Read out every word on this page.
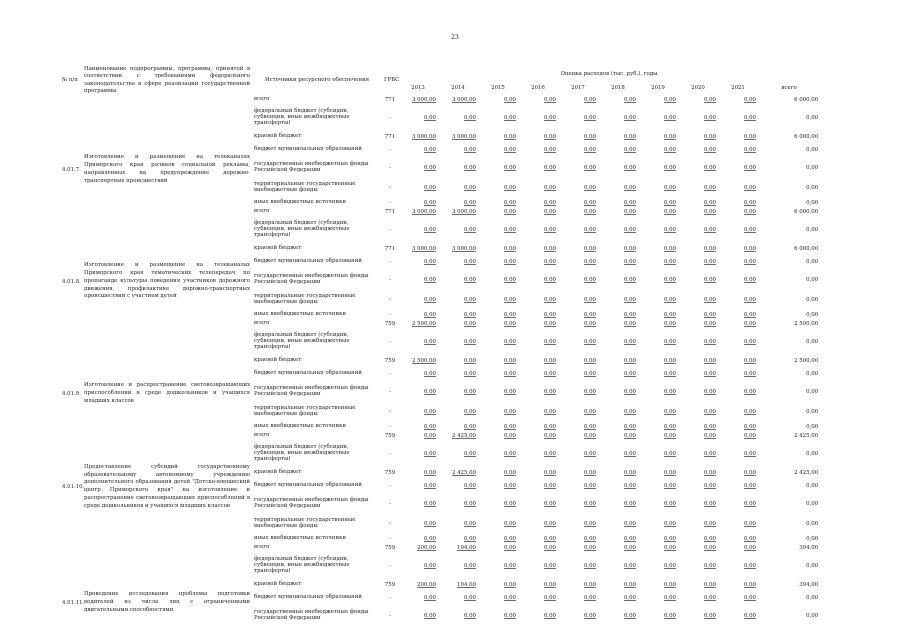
23
№ п/п	Наименование подпрограммы, программы, принятой в соответствии с требованиями федерального законодательства в сфере реализации государственной программы	Источники ресурсного обеспечения	ГРБС	Оценка расходов (тыс. руб.), годы									
				2013	2014	2015	2016	2017	2018	2019	2020	2021	всего
		всего	771	3 000,00	3 000,00	0,00	0,00	0,00	0,00	0,00	0,00	0,00	6 000,00
		федеральный бюджет (субсидии, субвенции, иные межбюджетные трансферты)	-	0,00	0,00	0,00	0,00	0,00	0,00	0,00	0,00	0,00	0,00
4.01.7.	Изготовление и размещение на телеканалах Приморского края роликов социальной рекламы, направленных на предупреждение дорожно-транспортных происшествий	краевой бюджет	771	3 000,00	3 000,00	0,00	0,00	0,00	0,00	0,00	0,00	0,00	6 000,00
		бюджет муниципальных образований	-	0,00	0,00	0,00	0,00	0,00	0,00	0,00	0,00	0,00	0,00
		государственные внебюджетные фонды Российской Федерации	-	0,00	0,00	0,00	0,00	0,00	0,00	0,00	0,00	0,00	0,00
		территориальные государственные внебюджетные фонды	-	0,00	0,00	0,00	0,00	0,00	0,00	0,00	0,00	0,00	0,00
		иные внебюджетные источники	-	0,00	0,00	0,00	0,00	0,00	0,00	0,00	0,00	0,00	0,00
		всего	771	3 000,00	3 000,00	0,00	0,00	0,00	0,00	0,00	0,00	0,00	6 000,00
		федеральный бюджет (субсидии, субвенции, иные межбюджетные трансферты)	-	0,00	0,00	0,00	0,00	0,00	0,00	0,00	0,00	0,00	0,00
4.01.8.	Изготовление и размещение на телеканалах Приморского края тематических телепередач по пропаганде культуры поведения участников дорожного движения, профилактике дорожно-транспортных происшествий с участием детей	краевой бюджет	771	3 000,00	3 000,00	0,00	0,00	0,00	0,00	0,00	0,00	0,00	6 000,00
		бюджет муниципальных образований	-	0,00	0,00	0,00	0,00	0,00	0,00	0,00	0,00	0,00	0,00
		государственные внебюджетные фонды Российской Федерации	-	0,00	0,00	0,00	0,00	0,00	0,00	0,00	0,00	0,00	0,00
		территориальные государственные внебюджетные фонды	-	0,00	0,00	0,00	0,00	0,00	0,00	0,00	0,00	0,00	0,00
		иные внебюджетные источники	-	0,00	0,00	0,00	0,00	0,00	0,00	0,00	0,00	0,00	0,00
		всего	759	2 500,00	0,00	0,00	0,00	0,00	0,00	0,00	0,00	0,00	2 500,00
		федеральный бюджет (субсидии, субвенции, иные межбюджетные трансферты)	-	0,00	0,00	0,00	0,00	0,00	0,00	0,00	0,00	0,00	0,00
4.01.9.	Изготовление и распространение световозвращающих приспособлений в среде дошкольников и учащихся младших классов	краевой бюджет	759	2 500,00	0,00	0,00	0,00	0,00	0,00	0,00	0,00	0,00	2 500,00
		бюджет муниципальных образований	-	0,00	0,00	0,00	0,00	0,00	0,00	0,00	0,00	0,00	0,00
		государственные внебюджетные фонды Российской Федерации	-	0,00	0,00	0,00	0,00	0,00	0,00	0,00	0,00	0,00	0,00
		территориальные государственные внебюджетные фонды	-	0,00	0,00	0,00	0,00	0,00	0,00	0,00	0,00	0,00	0,00
		иные внебюджетные источники	-	0,00	0,00	0,00	0,00	0,00	0,00	0,00	0,00	0,00	0,00
4.01.10.	Предоставление субсидий государственному образовательному автономному учреждению дополнительного образования детей "Детско-юношеский центр Приморского края" на изготовление и распространение световозвращающих приспособлений в среде дошкольников и учащихся младших классов	всего	759	0,00	2 425,00	0,00	0,00	0,00	0,00	0,00	0,00	0,00	2 425,00
		федеральный бюджет (субсидии, субвенции, иные межбюджетные трансферты)	-	0,00	0,00	0,00	0,00	0,00	0,00	0,00	0,00	0,00	0,00
		краевой бюджет	759	0,00	2 425,00	0,00	0,00	0,00	0,00	0,00	0,00	0,00	2 425,00
		бюджет муниципальных образований	-	0,00	0,00	0,00	0,00	0,00	0,00	0,00	0,00	0,00	0,00
		государственные внебюджетные фонды Российской Федерации	-	0,00	0,00	0,00	0,00	0,00	0,00	0,00	0,00	0,00	0,00
		территориальные государственные внебюджетные фонды	-	0,00	0,00	0,00	0,00	0,00	0,00	0,00	0,00	0,00	0,00
		иные внебюджетные источники	-	0,00	0,00	0,00	0,00	0,00	0,00	0,00	0,00	0,00	0,00
		всего	759	200,00	194,00	0,00	0,00	0,00	0,00	0,00	0,00	0,00	394,00
		федеральный бюджет (субсидии, субвенции, иные межбюджетные трансферты)	-	0,00	0,00	0,00	0,00	0,00	0,00	0,00	0,00	0,00	0,00
4.01.11.	Проведение исследования проблемы подготовки водителей из числа лиц с ограниченными двигательными способностями	краевой бюджет	759	200,00	194,00	0,00	0,00	0,00	0,00	0,00	0,00	0,00	394,00
		бюджет муниципальных образований	-	0,00	0,00	0,00	0,00	0,00	0,00	0,00	0,00	0,00	0,00
		государственные внебюджетные фонды Российской Федерации	-	0,00	0,00	0,00	0,00	0,00	0,00	0,00	0,00	0,00	0,00
